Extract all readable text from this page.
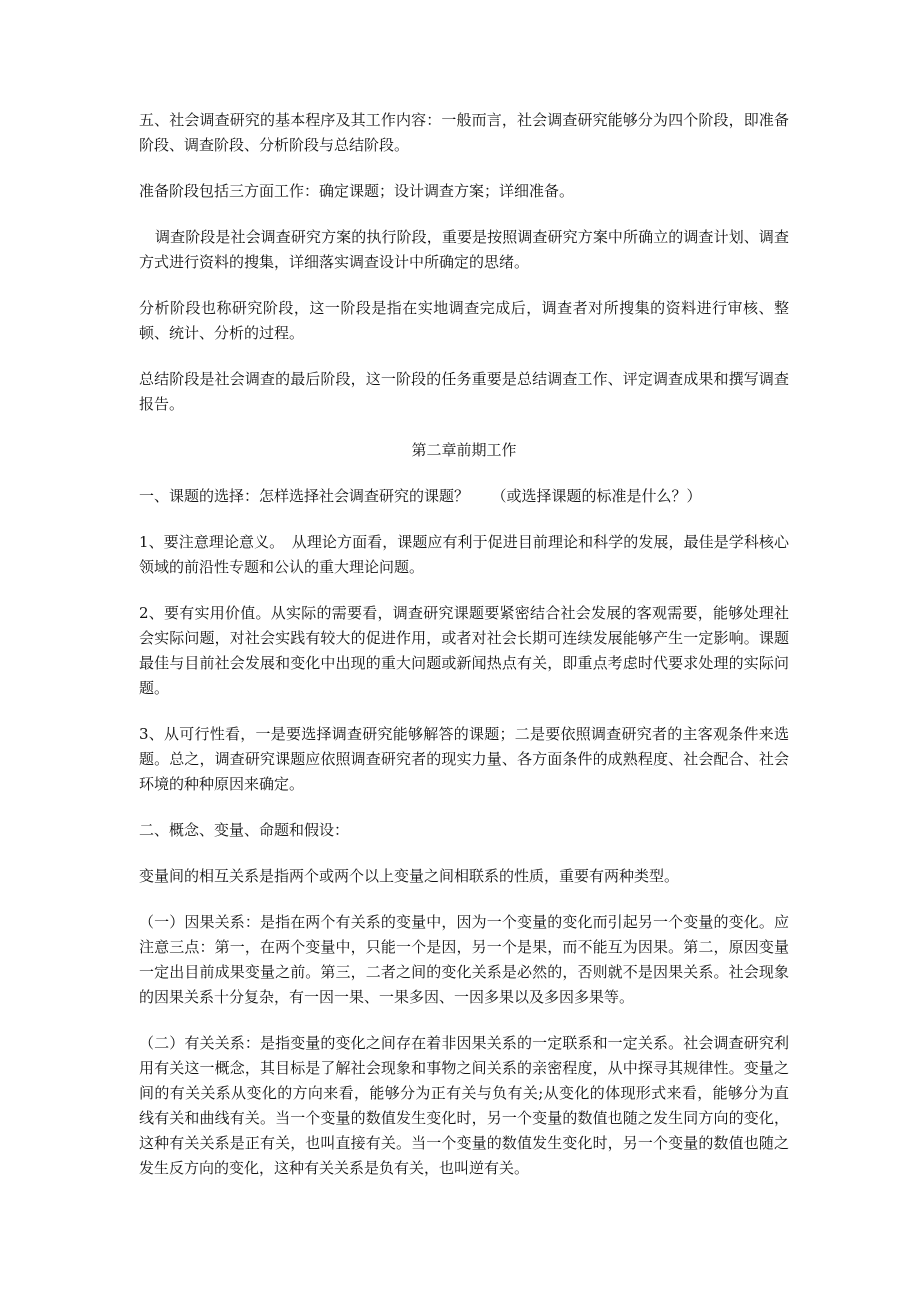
五、社会调查研究的基本程序及其工作内容：一般而言，社会调查研究能够分为四个阶段，即准备阶段、调查阶段、分析阶段与总结阶段。

准备阶段包括三方面工作：确定课题；设计调查方案；详细准备。

调查阶段是社会调查研究方案的执行阶段，重要是按照调查研究方案中所确立的调查计划、调查方式进行资料的搜集，详细落实调查设计中所确定的思绪。

分析阶段也称研究阶段，这一阶段是指在实地调查完成后，调查者对所搜集的资料进行审核、整顿、统计、分析的过程。

总结阶段是社会调查的最后阶段，这一阶段的任务重要是总结调查工作、评定调查成果和撰写调查报告。

第二章前期工作

一、课题的选择：怎样选择社会调查研究的课题？　　（或选择课题的标准是什么？）

1、要注意理论意义。　从理论方面看，课题应有利于促进目前理论和科学的发展，最佳是学科核心领域的前沿性专题和公认的重大理论问题。

2、要有实用价值。从实际的需要看，调查研究课题要紧密结合社会发展的客观需要，能够处理社会实际问题，对社会实践有较大的促进作用，或者对社会长期可连续发展能够产生一定影响。课题最佳与目前社会发展和变化中出现的重大问题或新闻热点有关，即重点考虑时代要求处理的实际问题。

3、从可行性看，一是要选择调查研究能够解答的课题；二是要依照调查研究者的主客观条件来选题。总之，调查研究课题应依照调查研究者的现实力量、各方面条件的成熟程度、社会配合、社会环境的种种原因来确定。

二、概念、变量、命题和假设：

变量间的相互关系是指两个或两个以上变量之间相联系的性质，重要有两种类型。

（一）因果关系：是指在两个有关系的变量中，因为一个变量的变化而引起另一个变量的变化。应注意三点：第一，在两个变量中，只能一个是因，另一个是果，而不能互为因果。第二，原因变量一定出目前成果变量之前。第三，二者之间的变化关系是必然的，否则就不是因果关系。社会现象的因果关系十分复杂，有一因一果、一果多因、一因多果以及多因多果等。

（二）有关关系：是指变量的变化之间存在着非因果关系的一定联系和一定关系。社会调查研究利用有关这一概念，其目标是了解社会现象和事物之间关系的亲密程度，从中探寻其规律性。变量之间的有关关系从变化的方向来看，能够分为正有关与负有关;从变化的体现形式来看，能够分为直线有关和曲线有关。当一个变量的数值发生变化时，另一个变量的数值也随之发生同方向的变化，这种有关关系是正有关，也叫直接有关。当一个变量的数值发生变化时，另一个变量的数值也随之发生反方向的变化，这种有关关系是负有关，也叫逆有关。
